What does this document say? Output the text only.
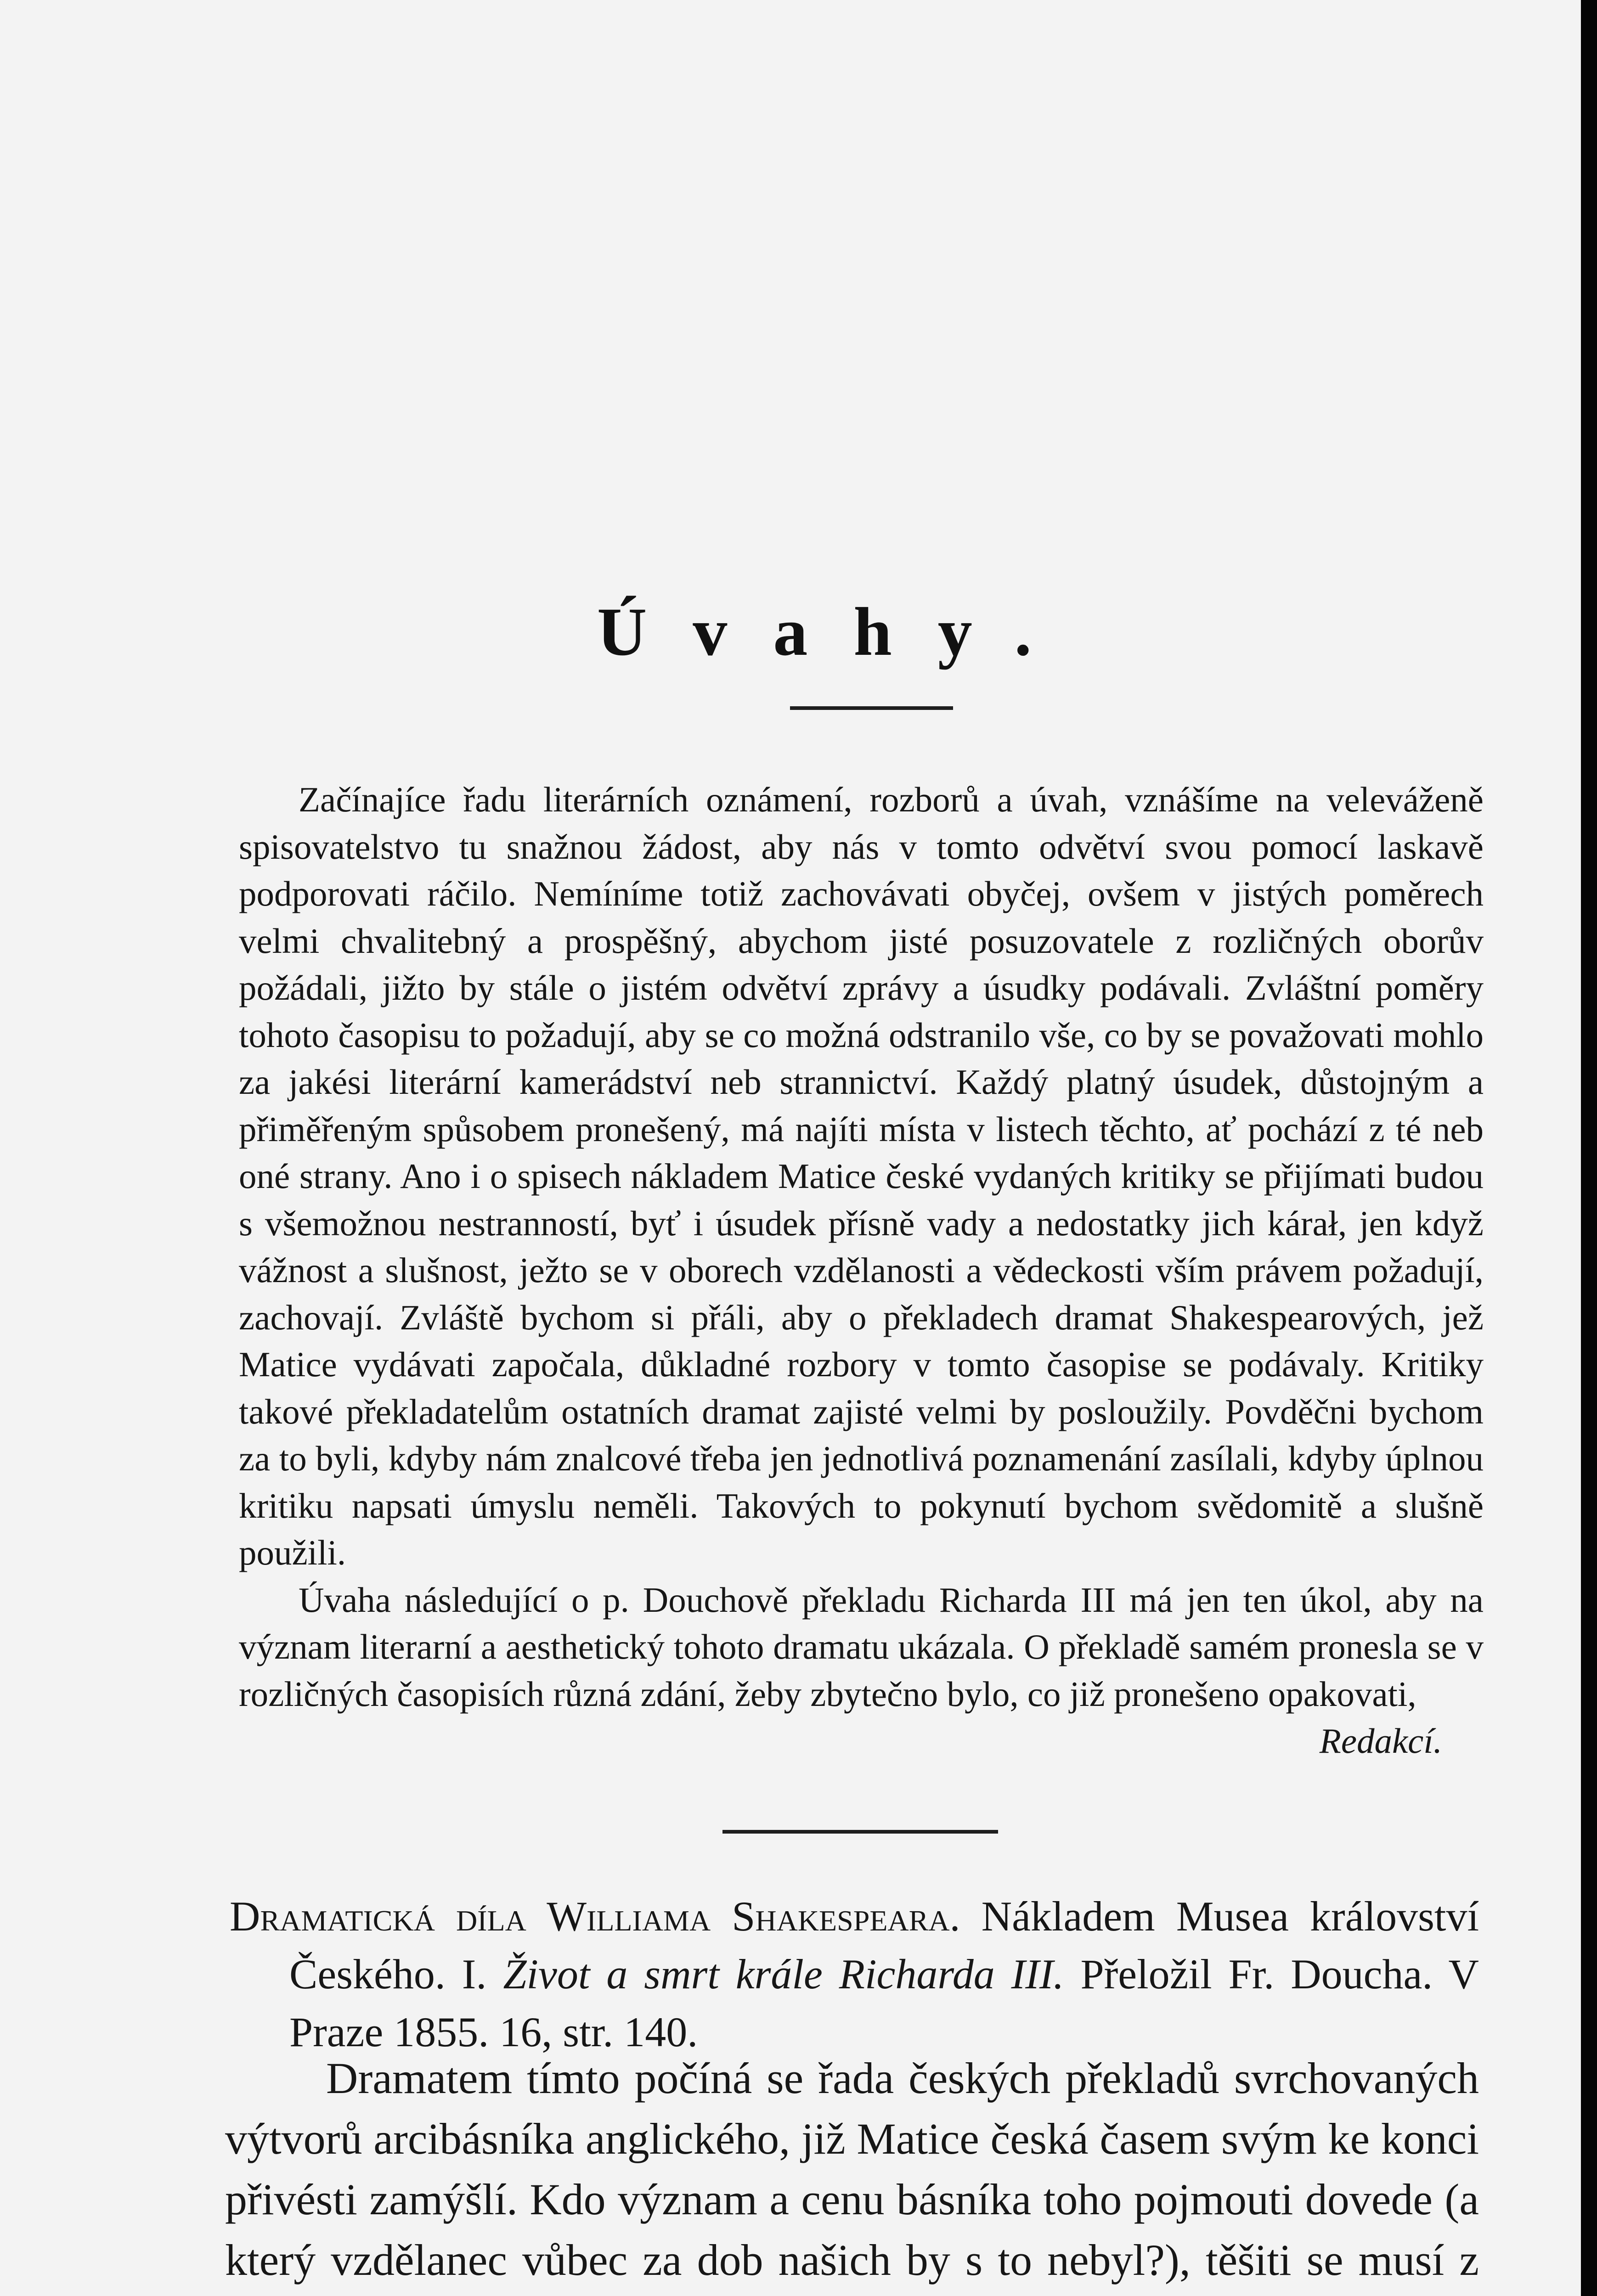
Úvahy.

Začínajíce řadu literárních oznámení, rozborů a úvah, vznášíme na veleváženě spisovatelstvo tu snažnou žádost, aby nás v tomto odvětví svou pomocí laskavě podporovati ráčilo. Nemíníme totiž zachovávati obyčej, ovšem v jistých poměrech velmi chvalitebný a prospěšný, abychom jisté posuzovatele z rozličných oborův požádali, jižto by stále o jistém odvětví zprávy a úsudky podávali. Zvláštní poměry tohoto časopisu to požadují, aby se co možná odstranilo vše, co by se považovati mohlo za jakési literární kamerádství neb strannictví. Každý platný úsudek, důstojným a přiměřeným spůsobem pronešený, má najíti místa v listech těchto, ať pochází z té neb oné strany. Ano i o spisech nákladem Matice české vydaných kritiky se přijímati budou s všemožnou nestranností, byť i úsudek přísně vady a nedostatky jich kárał, jen když vážnost a slušnost, ježto se v oborech vzdělanosti a vědeckosti vším právem požadují, zachovají. Zvláště bychom si přáli, aby o překladech dramat Shakespearových, jež Matice vydávati započala, důkladné rozbory v tomto časopise se podávaly. Kritiky takové překladatelům ostatních dramat zajisté velmi by posloužily. Povděčni bychom za to byli, kdyby nám znalcové třeba jen jednotlivá poznamenání zasílali, kdyby úplnou kritiku napsati úmyslu neměli. Takových to pokynutí bychom svědomitě a slušně použili.

Úvaha následující o p. Douchově překladu Richarda III má jen ten úkol, aby na význam literarní a aesthetický tohoto dramatu ukázala. O překladě samém pronesla se v rozličných časopisích různá zdání, žeby zbytečno bylo, co již pronešeno opakovati,
Redakcí.

Dramatická díla Williama Shakespeara. Nákladem Musea království Českého. I. Život a smrt krále Richarda III. Přeložil Fr. Doucha. V Praze 1855. 16, str. 140.

Dramatem tímto počíná se řada českých překladů svrchovaných výtvorů arcibásníka anglického, již Matice česká časem svým ke konci přivésti zamýšlí. Kdo význam a cenu básníka toho pojmouti dovede (a který vzdělanec vůbec za dob našich by s to nebyl?), těšiti se musí z
